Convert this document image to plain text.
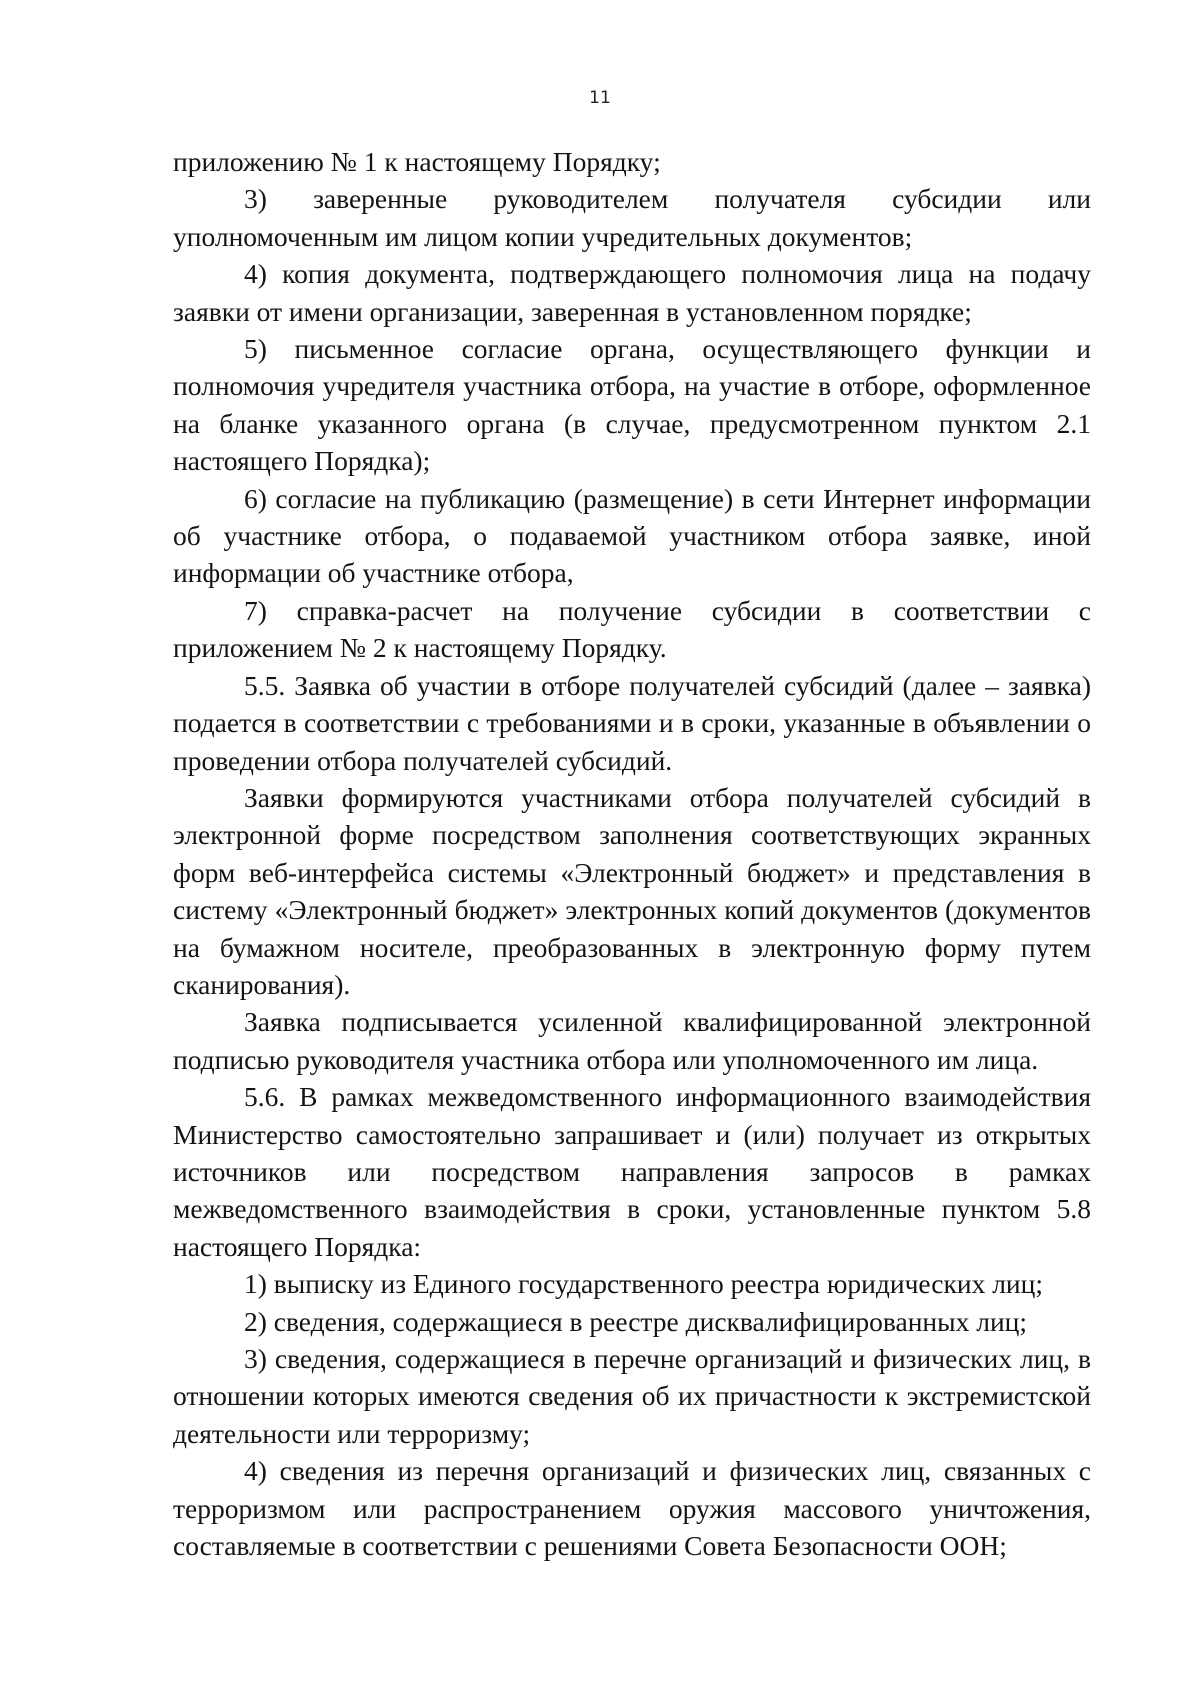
11

приложению № 1 к настоящему Порядку;

3) заверенные руководителем получателя субсидии или уполномоченным им лицом копии учредительных документов;

4) копия документа, подтверждающего полномочия лица на подачу заявки от имени организации, заверенная в установленном порядке;

5) письменное согласие органа, осуществляющего функции и полномочия учредителя участника отбора, на участие в отборе, оформленное на бланке указанного органа (в случае, предусмотренном пунктом 2.1 настоящего Порядка);

6) согласие на публикацию (размещение) в сети Интернет информации об участнике отбора, о подаваемой участником отбора заявке, иной информации об участнике отбора,

7) справка-расчет на получение субсидии в соответствии с приложением № 2 к настоящему Порядку.

5.5. Заявка об участии в отборе получателей субсидий (далее – заявка) подается в соответствии с требованиями и в сроки, указанные в объявлении о проведении отбора получателей субсидий.

Заявки формируются участниками отбора получателей субсидий в электронной форме посредством заполнения соответствующих экранных форм веб-интерфейса системы «Электронный бюджет» и представления в систему «Электронный бюджет» электронных копий документов (документов на бумажном носителе, преобразованных в электронную форму путем сканирования).

Заявка подписывается усиленной квалифицированной электронной подписью руководителя участника отбора или уполномоченного им лица.

5.6. В рамках межведомственного информационного взаимодействия Министерство самостоятельно запрашивает и (или) получает из открытых источников или посредством направления запросов в рамках межведомственного взаимодействия в сроки, установленные пунктом 5.8 настоящего Порядка:

1) выписку из Единого государственного реестра юридических лиц;

2) сведения, содержащиеся в реестре дисквалифицированных лиц;

3) сведения, содержащиеся в перечне организаций и физических лиц, в отношении которых имеются сведения об их причастности к экстремистской деятельности или терроризму;

4) сведения из перечня организаций и физических лиц, связанных с терроризмом или распространением оружия массового уничтожения, составляемые в соответствии с решениями Совета Безопасности ООН;
